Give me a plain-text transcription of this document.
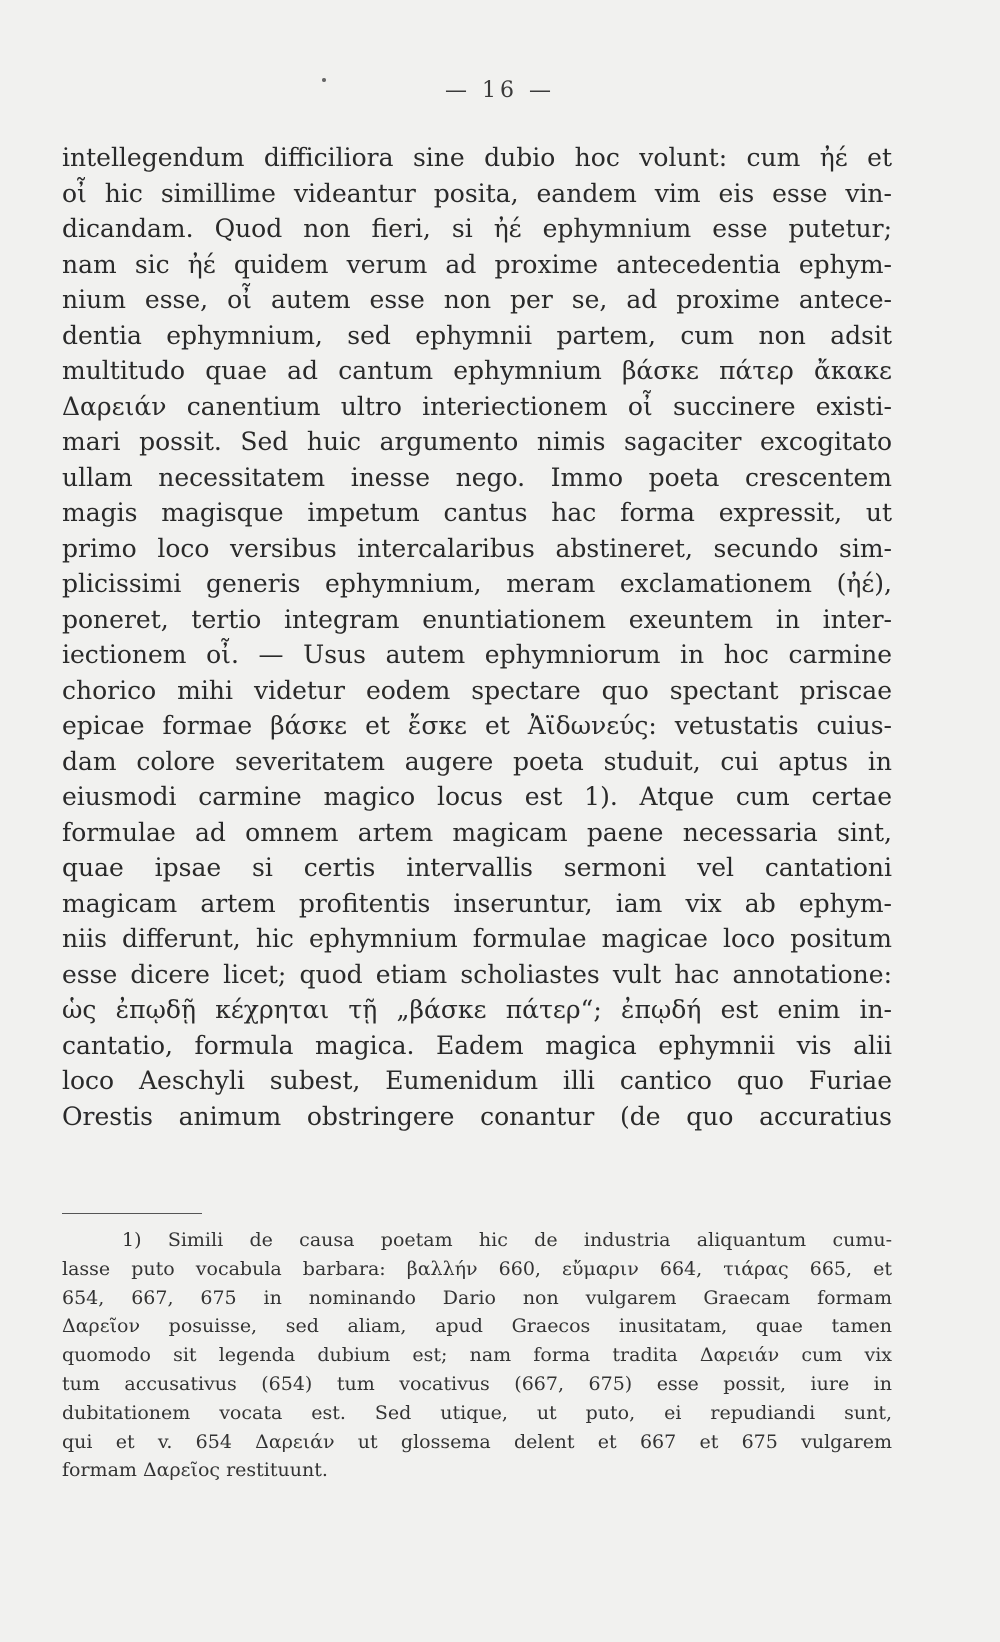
— 16 —
intellegendum difficiliora sine dubio hoc volunt: cum ἠέ et
οἶ hic simillime videantur posita, eandem vim eis esse vin-
dicandam. Quod non fieri, si ἠέ ephymnium esse putetur;
nam sic ἠέ quidem verum ad proxime antecedentia ephym-
nium esse, οἶ autem esse non per se, ad proxime antece-
dentia ephymnium, sed ephymnii partem, cum non adsit
multitudo quae ad cantum ephymnium βάσκε πάτερ ἄκακε
Δαρειάν canentium ultro interiectionem οἶ succinere existi-
mari possit. Sed huic argumento nimis sagaciter excogitato
ullam necessitatem inesse nego. Immo poeta crescentem
magis magisque impetum cantus hac forma expressit, ut
primo loco versibus intercalaribus abstineret, secundo sim-
plicissimi generis ephymnium, meram exclamationem (ἠέ),
poneret, tertio integram enuntiationem exeuntem in inter-
iectionem οἶ. — Usus autem ephymniorum in hoc carmine
chorico mihi videtur eodem spectare quo spectant priscae
epicae formae βάσκε et ἔσκε et Ἀϊδωνεύς: vetustatis cuius-
dam colore severitatem augere poeta studuit, cui aptus in
eiusmodi carmine magico locus est 1). Atque cum certae
formulae ad omnem artem magicam paene necessaria sint,
quae ipsae si certis intervallis sermoni vel cantationi
magicam artem profitentis inseruntur, iam vix ab ephym-
niis differunt, hic ephymnium formulae magicae loco positum
esse dicere licet; quod etiam scholiastes vult hac annotatione:
ὡς ἐπῳδῇ κέχρηται τῇ „βάσκε πάτερ“; ἐπῳδή est enim in-
cantatio, formula magica. Eadem magica ephymnii vis alii
loco Aeschyli subest, Eumenidum illi cantico quo Furiae
Orestis animum obstringere conantur (de quo accuratius
1) Simili de causa poetam hic de industria aliquantum cumu-
lasse puto vocabula barbara: βαλλήν 660, εὔμαριν 664, τιάρας 665, et
654, 667, 675 in nominando Dario non vulgarem Graecam formam
Δαρεῖον posuisse, sed aliam, apud Graecos inusitatam, quae tamen
quomodo sit legenda dubium est; nam forma tradita Δαρειάν cum vix
tum accusativus (654) tum vocativus (667, 675) esse possit, iure in
dubitationem vocata est. Sed utique, ut puto, ei repudiandi sunt,
qui et v. 654 Δαρειάν ut glossema delent et 667 et 675 vulgarem
formam Δαρεῖος restituunt.
